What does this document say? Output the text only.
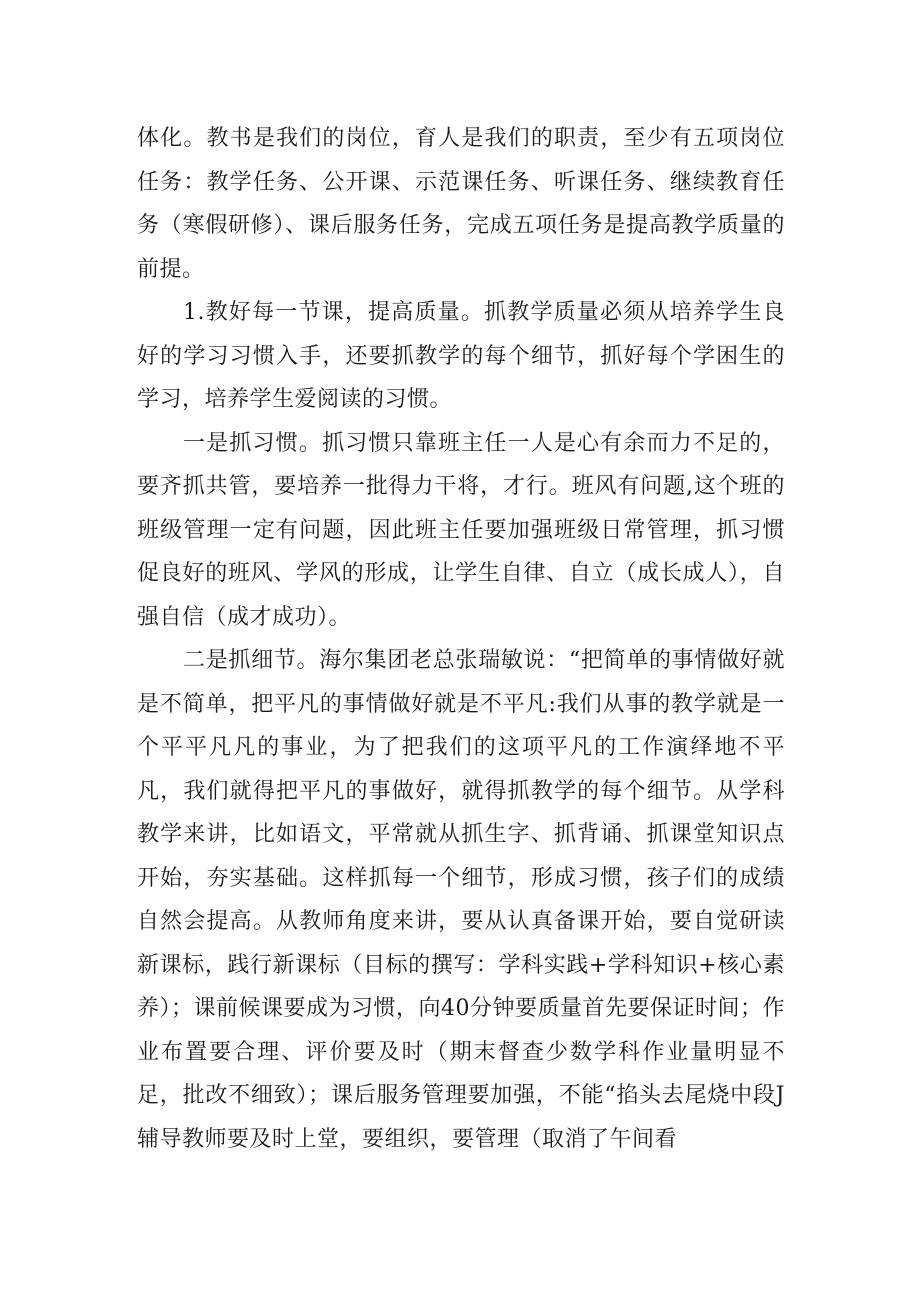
体化。教书是我们的岗位，育人是我们的职责，至少有五项岗位任务：教学任务、公开课、示范课任务、听课任务、继续教育任务（寒假研修）、课后服务任务，完成五项任务是提高教学质量的前提。

1.教好每一节课，提高质量。抓教学质量必须从培养学生良好的学习习惯入手，还要抓教学的每个细节，抓好每个学困生的学习，培养学生爱阅读的习惯。

一是抓习惯。抓习惯只靠班主任一人是心有余而力不足的，要齐抓共管，要培养一批得力干将，才行。班风有问题,这个班的班级管理一定有问题，因此班主任要加强班级日常管理，抓习惯促良好的班风、学风的形成，让学生自律、自立（成长成人），自强自信（成才成功）。

二是抓细节。海尔集团老总张瑞敏说：“把简单的事情做好就是不简单，把平凡的事情做好就是不平凡:我们从事的教学就是一个平平凡凡的事业，为了把我们的这项平凡的工作演绎地不平凡，我们就得把平凡的事做好，就得抓教学的每个细节。从学科教学来讲，比如语文，平常就从抓生字、抓背诵、抓课堂知识点开始，夯实基础。这样抓每一个细节，形成习惯，孩子们的成绩自然会提高。从教师角度来讲，要从认真备课开始，要自觉研读新课标，践行新课标（目标的撰写：学科实践+学科知识+核心素养）；课前候课要成为习惯，向40分钟要质量首先要保证时间；作业布置要合理、评价要及时（期末督查少数学科作业量明显不足，批改不细致）；课后服务管理要加强，不能“掐头去尾烧中段J辅导教师要及时上堂，要组织，要管理（取消了午间看
